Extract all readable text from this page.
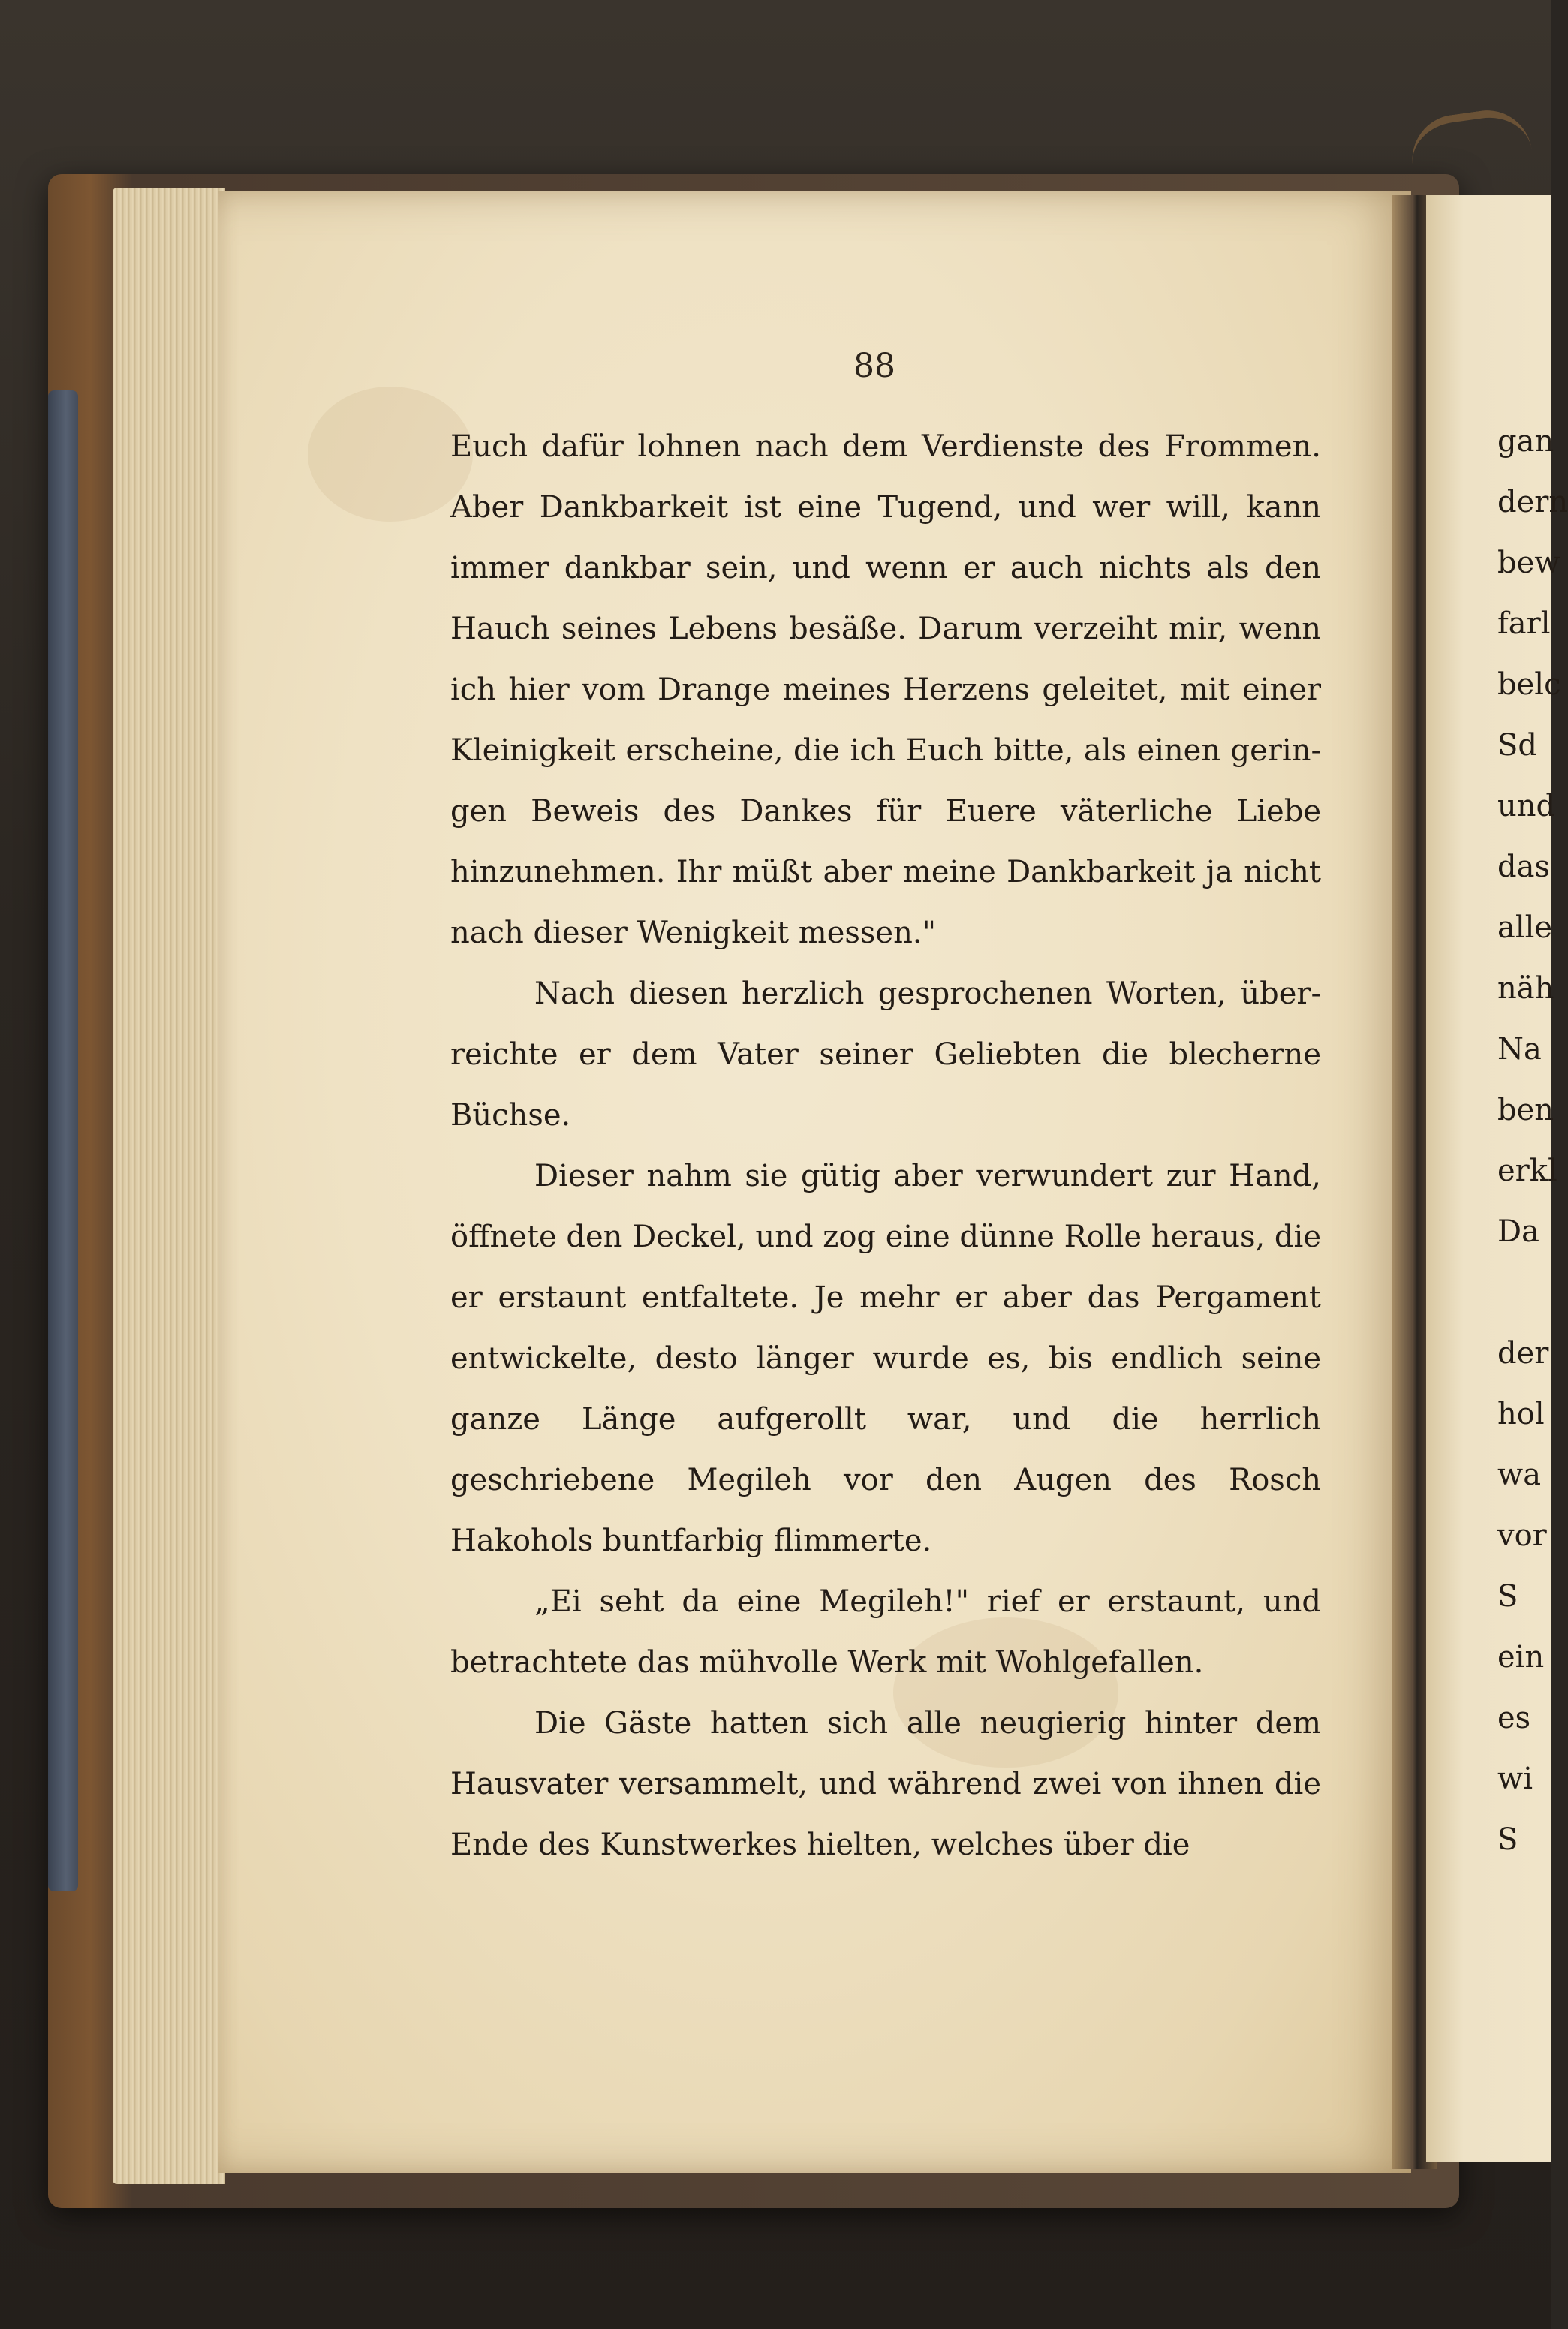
88

Euch dafür lohnen nach dem Verdienste des Frommen. Aber Dankbarkeit ist eine Tugend, und wer will, kann immer dankbar sein, und wenn er auch nichts als den Hauch seines Lebens besäße. Darum verzeiht mir, wenn ich hier vom Drange meines Herzens geleitet, mit einer Kleinigkeit erscheine, die ich Euch bitte, als einen gerin- gen Beweis des Dankes für Euere väterliche Liebe hinzunehmen. Ihr müßt aber meine Dankbarkeit ja nicht nach dieser Wenigkeit messen."

Nach diesen herzlich gesprochenen Worten, über- reichte er dem Vater seiner Geliebten die blecherne Büchse.

Dieser nahm sie gütig aber verwundert zur Hand, öffnete den Deckel, und zog eine dünne Rolle heraus, die er erstaunt entfaltete. Je mehr er aber das Pergament entwickelte, desto länger wurde es, bis endlich seine ganze Länge aufgerollt war, und die herrlich geschriebene Megileh vor den Augen des Rosch Hakohols buntfarbig flimmerte.

„Ei seht da eine Megileh!" rief er erstaunt, und betrachtete das mühvolle Werk mit Wohlgefallen.

Die Gäste hatten sich alle neugierig hinter dem Hausvater versammelt, und während zwei von ihnen die Ende des Kunstwerkes hielten, welches über die

gan
dern
bew
farl
belc
Sd
und
das
alle
näh
Na
ben
erkl
Da
der
hol
wa
vor
S
ein
es
wi
S
